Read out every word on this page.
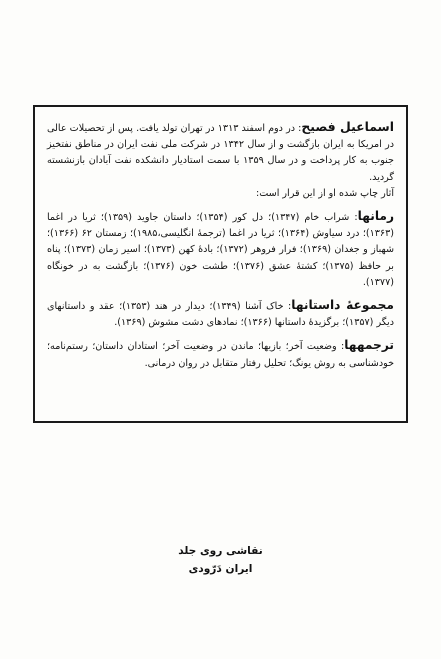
اسماعیل فصیح: در دوم اسفند ۱۳۱۳ در تهران تولد یافت. پس از تحصیلات عالی در امریکا به ایران بازگشت و از سال ۱۳۴۲ در شرکت ملی نفت ایران در مناطق نفتخیز جنوب به کار پرداخت و در سال ۱۳۵۹ با سمت استادیار دانشکده نفت آبادان بازنشسته گردید.
آثار چاپ شده او از این قرار است:

رمانها: شراب خام (۱۳۴۷)؛ دل کور (۱۳۵۴)؛ داستان جاوید (۱۳۵۹)؛ ثریا در اغما (۱۳۶۳)؛ درد سیاوش (۱۳۶۴)؛ ثریا در اغما (ترجمهٔ انگلیسی،۱۹۸۵)؛ زمستان ۶۲ (۱۳۶۶)؛ شهباز و جغدان (۱۳۶۹)؛ فرار فروهر (۱۳۷۲)؛ بادهٔ کهن (۱۳۷۳)؛ اسیر زمان (۱۳۷۳)؛ پناه بر حافظ (۱۳۷۵)؛ کشتهٔ عشق (۱۳۷۶)؛ طشت خون (۱۳۷۶)؛ بازگشت به در خونگاه (۱۳۷۷).

مجموعهٔ داستانها: خاک آشنا (۱۳۴۹)؛ دیدار در هند (۱۳۵۳)؛ عقد و داستانهای دیگر (۱۳۵۷)؛ برگزیدهٔ داستانها (۱۳۶۶)؛ نمادهای دشت مشوش (۱۳۶۹).

ترجمهها: وضعیت آخر؛ بازیها؛ ماندن در وضعیت آخر؛ استادان داستان؛ رستم‌نامه؛ خودشناسی به روش یونگ؛ تحلیل رفتار متقابل در روان درمانی.

نقاشی روی جلد
ایران دَرّودی
